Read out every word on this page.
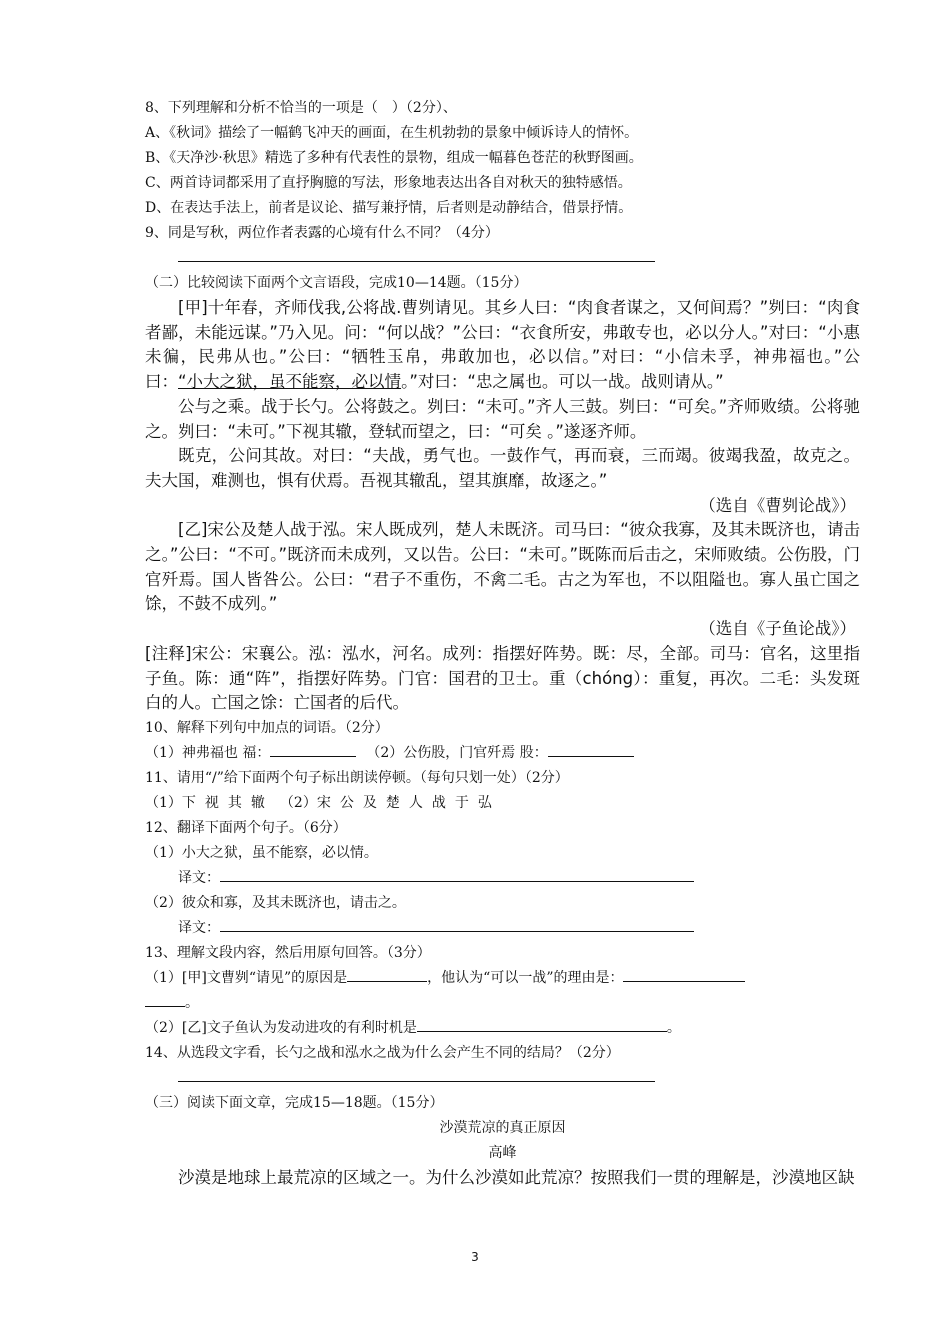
8、下列理解和分析不恰当的一项是（　）（2分）、
A、《秋词》描绘了一幅鹤飞冲天的画面，在生机勃勃的景象中倾诉诗人的情怀。
B、《天净沙·秋思》精选了多种有代表性的景物，组成一幅暮色苍茫的秋野图画。
C、两首诗词都采用了直抒胸臆的写法，形象地表达出各自对秋天的独特感悟。
D、在表达手法上，前者是议论、描写兼抒情，后者则是动静结合，借景抒情。
9、同是写秋，两位作者表露的心境有什么不同？（4分）
（二）比较阅读下面两个文言语段，完成10—14题。（15分）
[甲]十年春，齐师伐我,公将战.曹刿请见。其乡人曰：“肉食者谋之，又何间焉？”刿曰：“肉食者鄙，未能远谋。”乃入见。问：“何以战？”公曰：“衣食所安，弗敢专也，必以分人。”对曰：“小惠未徧，民弗从也。”公曰：“牺牲玉帛，弗敢加也，必以信。”对曰：“小信未孚，神弗福也。”公曰：“小大之狱，虽不能察，必以情。”对曰：“忠之属也。可以一战。战则请从。”
公与之乘。战于长勺。公将鼓之。刿曰：“未可。”齐人三鼓。刿曰：“可矣。”齐师败绩。公将驰之。刿曰：“未可。”下视其辙，登轼而望之，曰：“可矣 。”遂逐齐师。
既克，公问其故。对曰：“夫战，勇气也。一鼓作气，再而衰，三而竭。彼竭我盈，故克之。夫大国，难测也，惧有伏焉。吾视其辙乱，望其旗靡，故逐之。”
（选自《曹刿论战》）
[乙]宋公及楚人战于泓。宋人既成列，楚人未既济。司马曰：“彼众我寡，及其未既济也，请击之。”公曰：“不可。”既济而未成列，又以告。公曰：“未可。”既陈而后击之，宋师败绩。公伤股，门官歼焉。国人皆咎公。公曰：“君子不重伤，不禽二毛。古之为军也，不以阻隘也。寡人虽亡国之馀，不鼓不成列。”
（选自《子鱼论战》）
[注释]宋公：宋襄公。泓：泓水，河名。成列：指摆好阵势。既：尽，全部。司马：官名，这里指子鱼。陈：通“阵”，指摆好阵势。门官：国君的卫士。重（chóng）：重复，再次。二毛：头发斑白的人。亡国之馀：亡国者的后代。
10、解释下列句中加点的词语。（2分）
（1）神弗福也 福：	（2）公伤股，门官歼焉 股：
11、请用“/”给下面两个句子标出朗读停顿。（每句只划一处）（2分）
（1）下视其辙 （2）宋公及楚人战于弘
12、翻译下面两个句子。（6分）
（1）小大之狱，虽不能察，必以情。
译文：
（2）彼众和寡，及其未既济也，请击之。
译文：
13、理解文段内容，然后用原句回答。（3分）
（1）[甲]文曹刿“请见”的原因是	，他认为“可以一战”的理由是：
。
（2）[乙]文子鱼认为发动进攻的有利时机是	。
14、从选段文字看，长勺之战和泓水之战为什么会产生不同的结局？（2分）
（三）阅读下面文章，完成15—18题。（15分）
沙漠荒凉的真正原因
高峰
沙漠是地球上最荒凉的区域之一。为什么沙漠如此荒凉？按照我们一贯的理解是，沙漠地区缺
3
